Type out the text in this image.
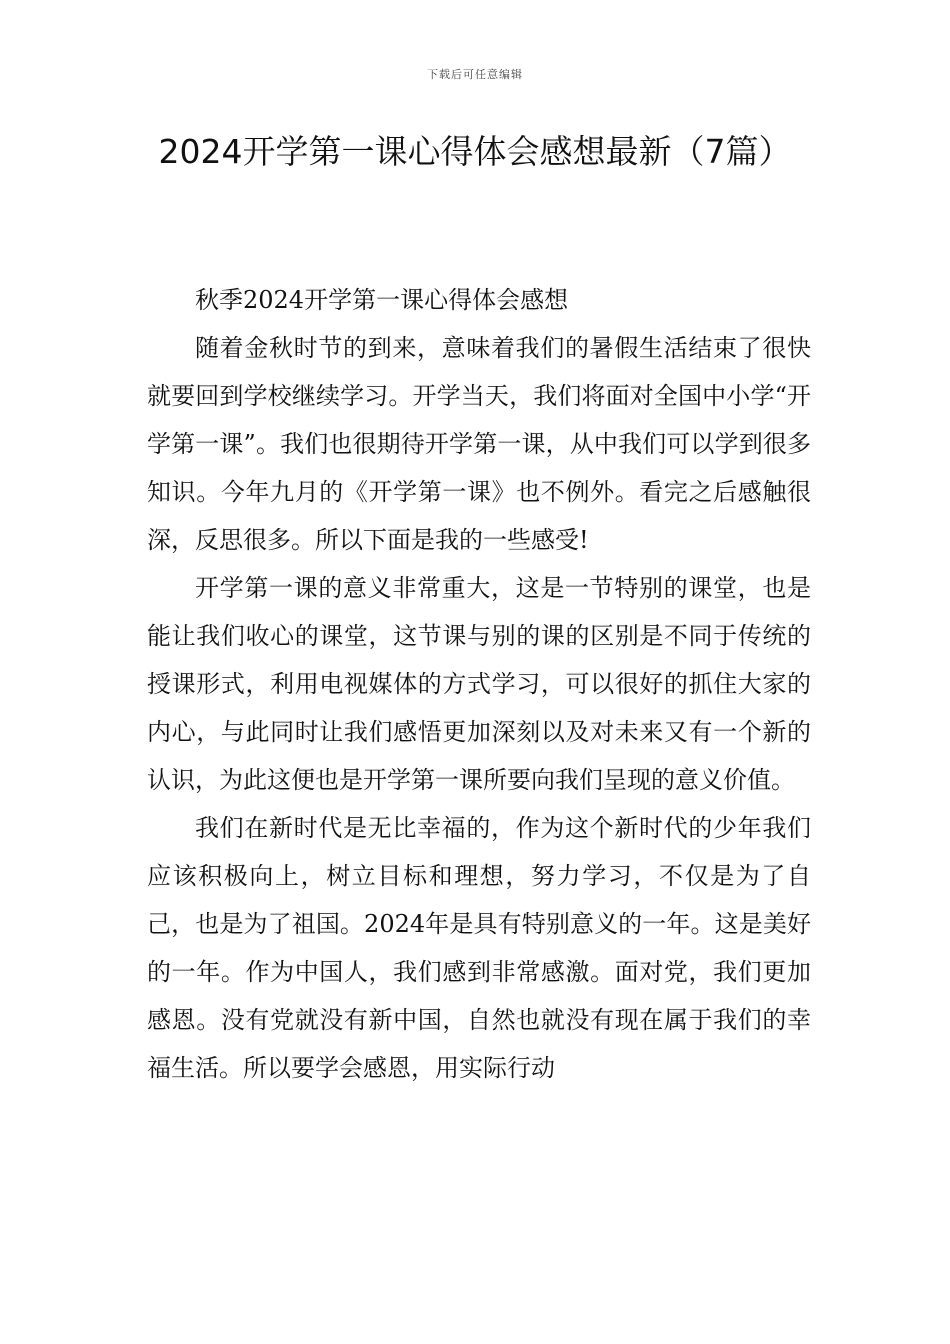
下载后可任意编辑
2024开学第一课心得体会感想最新（7篇）

秋季2024开学第一课心得体会感想

随着金秋时节的到来，意味着我们的暑假生活结束了很快就要回到学校继续学习。开学当天，我们将面对全国中小学“开学第一课”。我们也很期待开学第一课，从中我们可以学到很多知识。今年九月的《开学第一课》也不例外。看完之后感触很深，反思很多。所以下面是我的一些感受!

开学第一课的意义非常重大，这是一节特别的课堂，也是能让我们收心的课堂，这节课与别的课的区别是不同于传统的授课形式，利用电视媒体的方式学习，可以很好的抓住大家的内心，与此同时让我们感悟更加深刻以及对未来又有一个新的认识，为此这便也是开学第一课所要向我们呈现的意义价值。

我们在新时代是无比幸福的，作为这个新时代的少年我们应该积极向上，树立目标和理想，努力学习，不仅是为了自己，也是为了祖国。2024年是具有特别意义的一年。这是美好的一年。作为中国人，我们感到非常感激。面对党，我们更加感恩。没有党就没有新中国，自然也就没有现在属于我们的幸福生活。所以要学会感恩，用实际行动
